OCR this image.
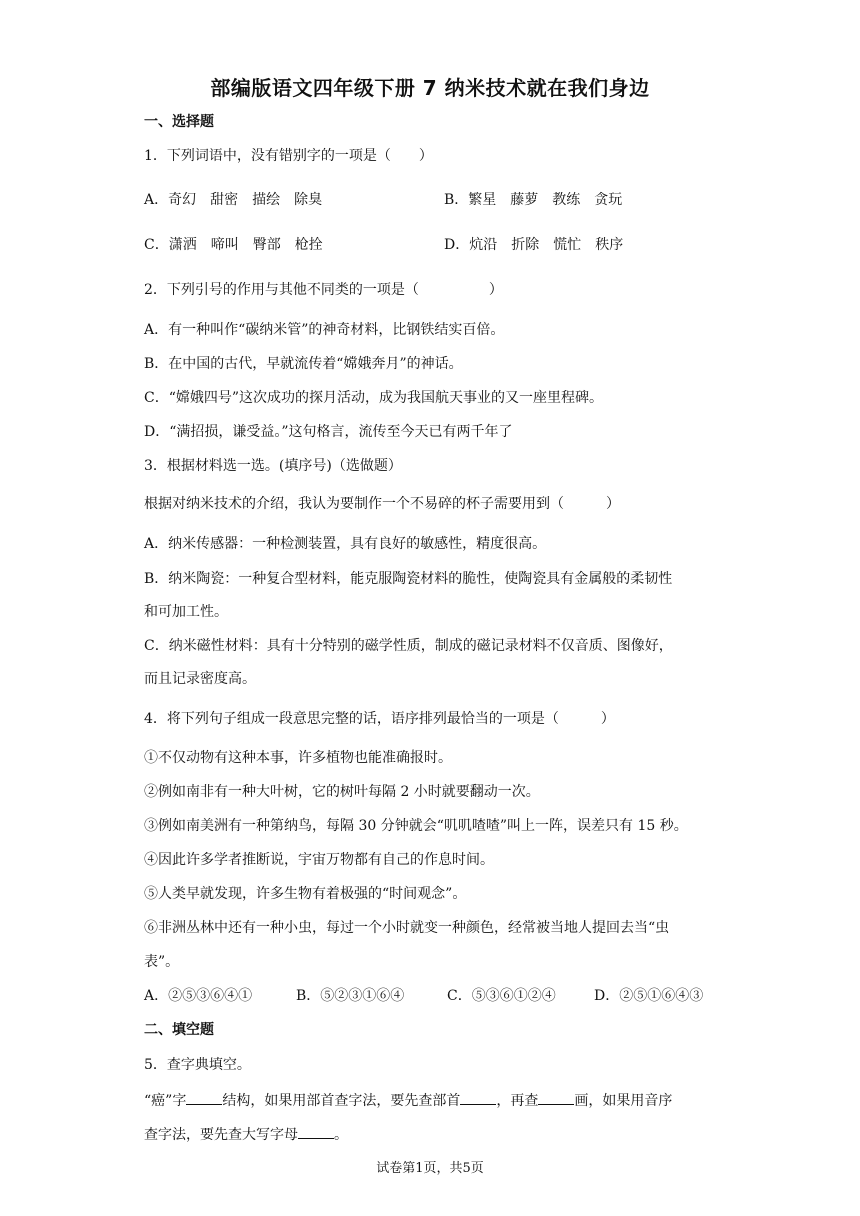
部编版语文四年级下册 7 纳米技术就在我们身边
一、选择题
1．下列词语中，没有错别字的一项是（　　）
A．奇幻　甜密　描绘　除臭	B．繁星　藤萝　教练　贪玩
C．潇洒　啼叫　臀部　枪拴	D．炕沿　折除　慌忙　秩序
2．下列引号的作用与其他不同类的一项是（　　　　　）
A．有一种叫作“碳纳米管”的神奇材料，比钢铁结实百倍。
B．在中国的古代，早就流传着“嫦娥奔月”的神话。
C．“嫦娥四号”这次成功的探月活动，成为我国航天事业的又一座里程碑。
D．“满招损，谦受益。”这句格言，流传至今天已有两千年了
3．根据材料选一选。(填序号)（选做题）
根据对纳米技术的介绍，我认为要制作一个不易碎的杯子需要用到（　　　）
A．纳米传感器：一种检测装置，具有良好的敏感性，精度很高。
B．纳米陶瓷：一种复合型材料，能克服陶瓷材料的脆性，使陶瓷具有金属般的柔韧性
和可加工性。
C．纳米磁性材料：具有十分特别的磁学性质，制成的磁记录材料不仅音质、图像好，
而且记录密度高。
4．将下列句子组成一段意思完整的话，语序排列最恰当的一项是（　　　）
①不仅动物有这种本事，许多植物也能准确报时。
②例如南非有一种大叶树，它的树叶每隔 2 小时就要翻动一次。
③例如南美洲有一种第纳鸟，每隔 30 分钟就会“叽叽喳喳”叫上一阵，误差只有 15 秒。
④因此许多学者推断说，宇宙万物都有自己的作息时间。
⑤人类早就发现，许多生物有着极强的“时间观念”。
⑥非洲丛林中还有一种小虫，每过一个小时就变一种颜色，经常被当地人提回去当“虫
表”。
A．②⑤③⑥④①	B．⑤②③①⑥④	C．⑤③⑥①②④	D．②⑤①⑥④③
二、填空题
5．查字典填空。
“癌”字	结构，如果用部首查字法，要先查部首	，再查	画，如果用音序
查字法，要先查大写字母	。
试卷第1页，共5页
